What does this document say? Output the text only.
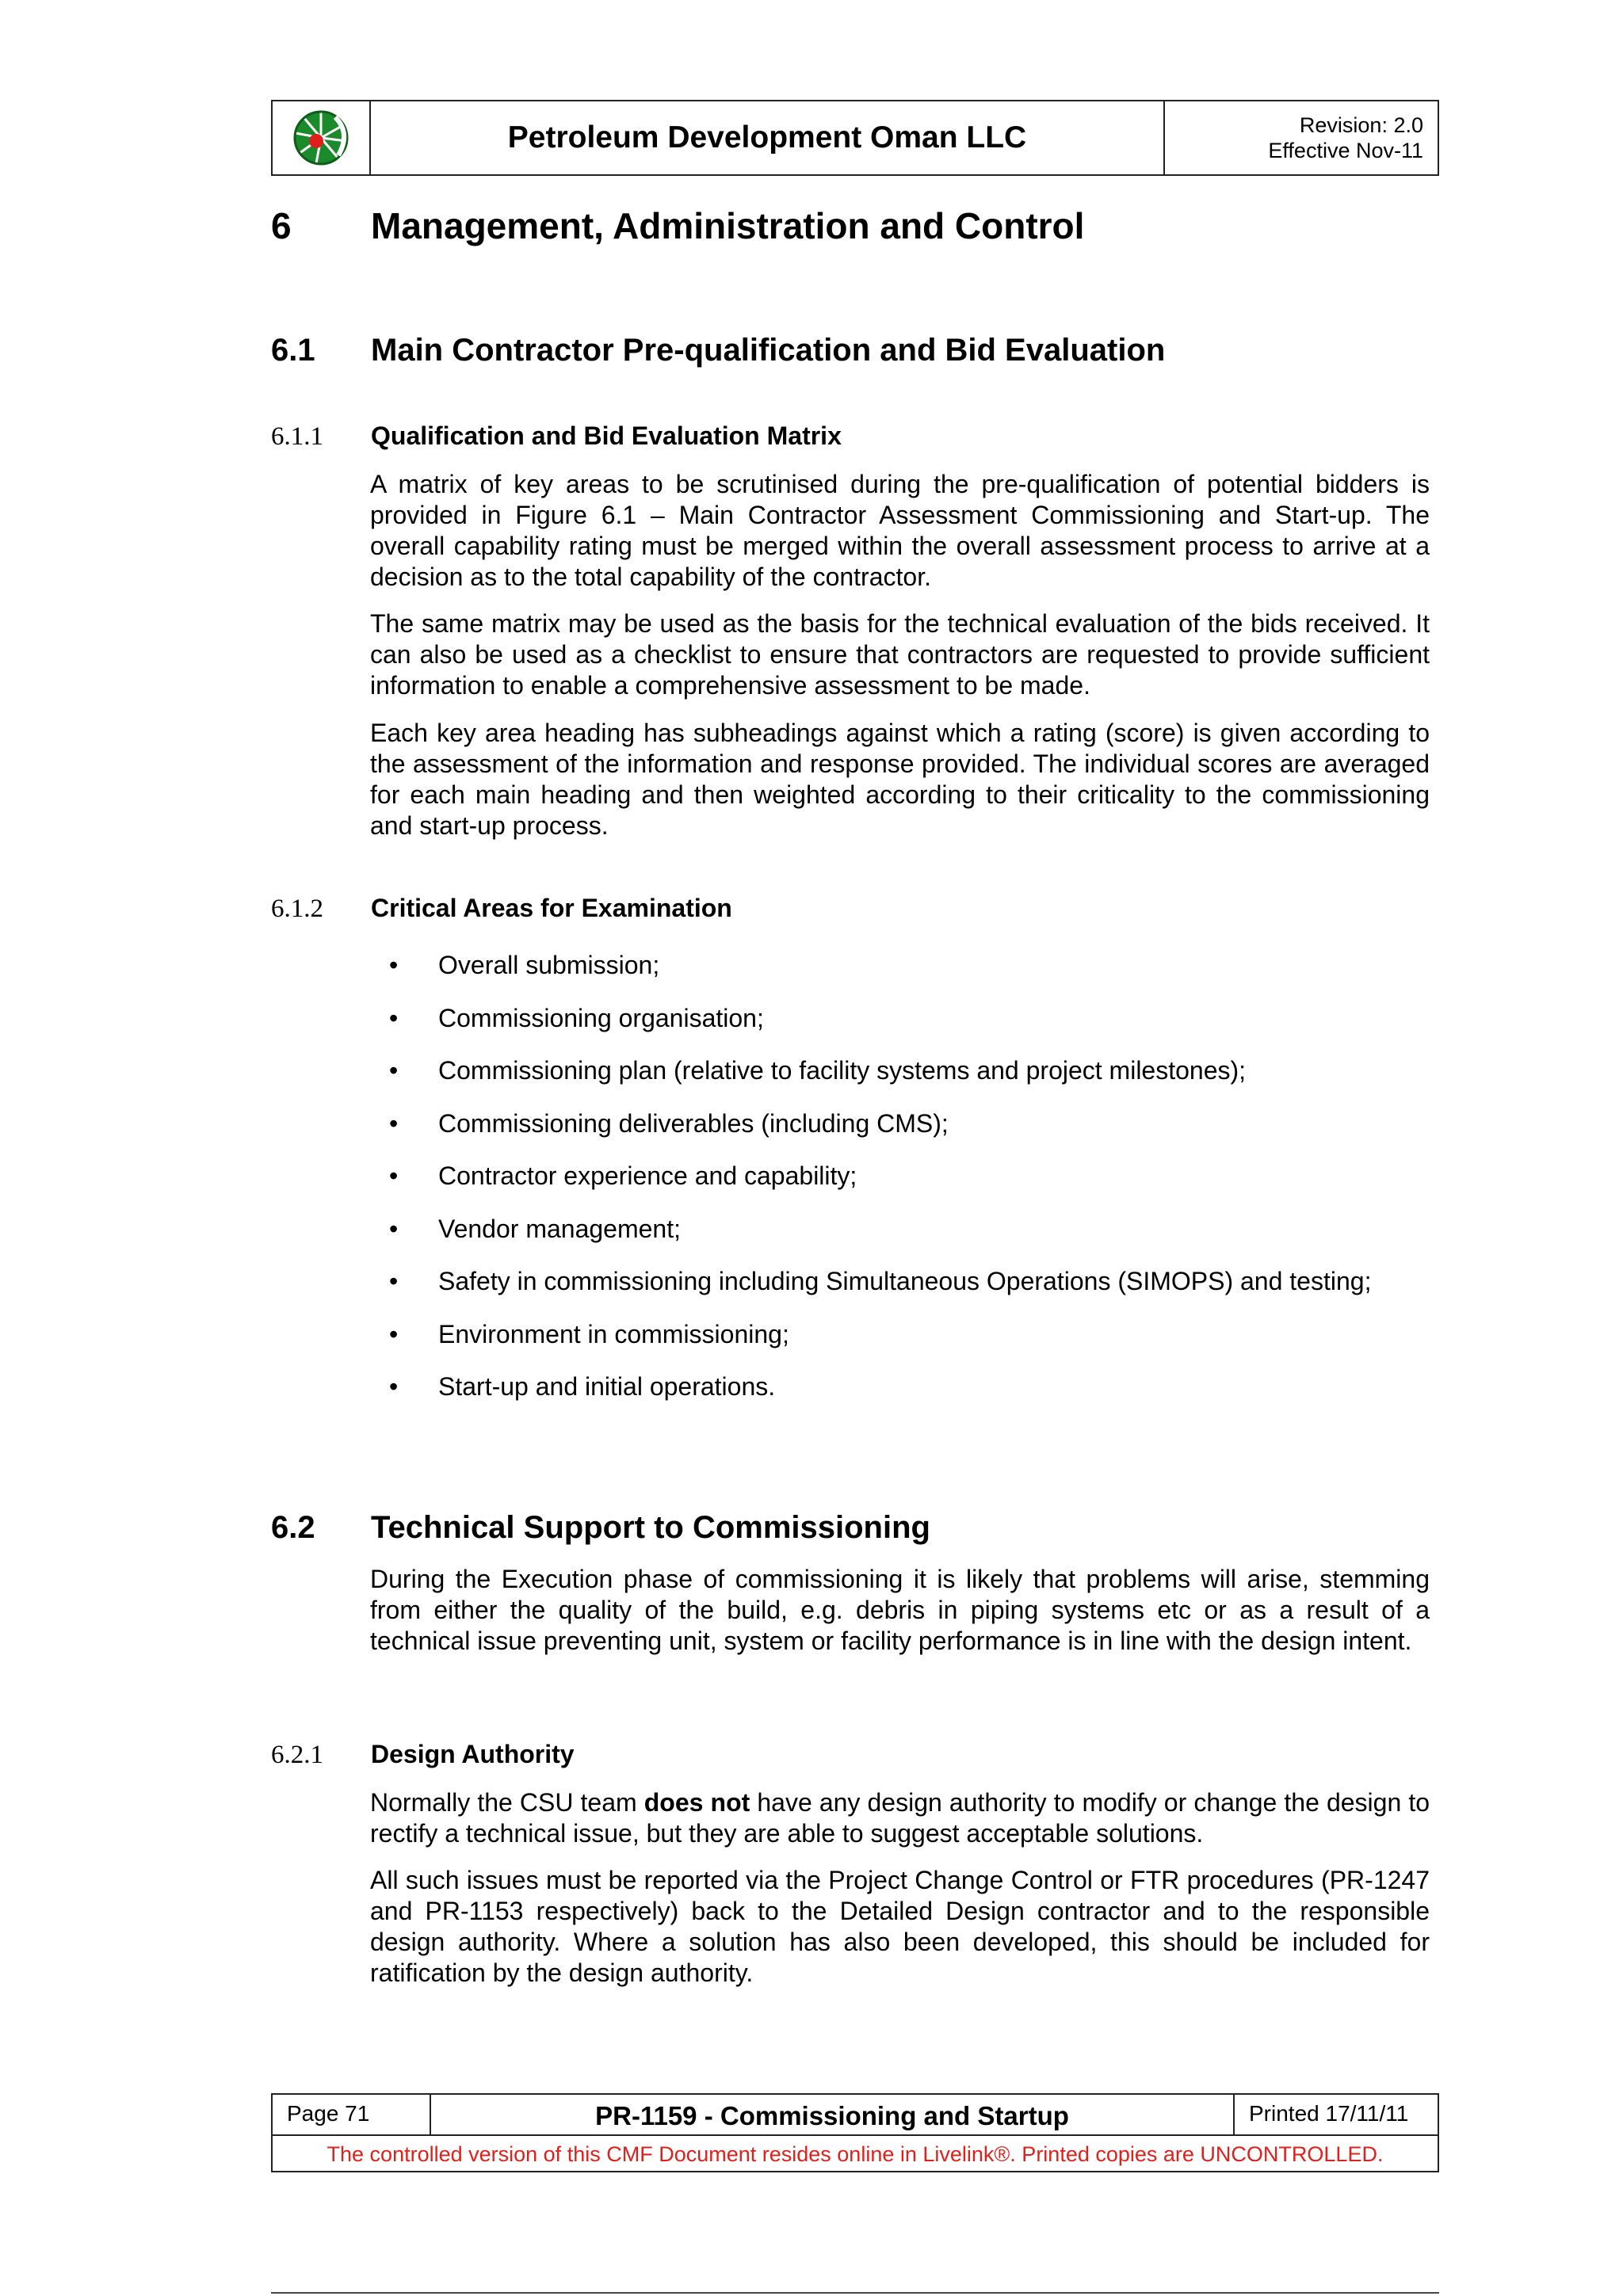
Petroleum Development Oman LLC	Revision: 2.0
Effective Nov-11
6 Management, Administration and Control
6.1 Main Contractor Pre-qualification and Bid Evaluation
6.1.1 Qualification and Bid Evaluation Matrix

A matrix of key areas to be scrutinised during the pre-qualification of potential bidders is provided in Figure 6.1 – Main Contractor Assessment Commissioning and Start-up. The overall capability rating must be merged within the overall assessment process to arrive at a decision as to the total capability of the contractor.

The same matrix may be used as the basis for the technical evaluation of the bids received. It can also be used as a checklist to ensure that contractors are requested to provide sufficient information to enable a comprehensive assessment to be made.

Each key area heading has subheadings against which a rating (score) is given according to the assessment of the information and response provided. The individual scores are averaged for each main heading and then weighted according to their criticality to the commissioning and start-up process.

6.1.2 Critical Areas for Examination
• Overall submission;
• Commissioning organisation;
• Commissioning plan (relative to facility systems and project milestones);
• Commissioning deliverables (including CMS);
• Contractor experience and capability;
• Vendor management;
• Safety in commissioning including Simultaneous Operations (SIMOPS) and testing;
• Environment in commissioning;
• Start-up and initial operations.
6.2 Technical Support to Commissioning

During the Execution phase of commissioning it is likely that problems will arise, stemming from either the quality of the build, e.g. debris in piping systems etc or as a result of a technical issue preventing unit, system or facility performance is in line with the design intent.

6.2.1 Design Authority

Normally the CSU team does not have any design authority to modify or change the design to rectify a technical issue, but they are able to suggest acceptable solutions.

All such issues must be reported via the Project Change Control or FTR procedures (PR-1247 and PR-1153 respectively) back to the Detailed Design contractor and to the responsible design authority. Where a solution has also been developed, this should be included for ratification by the design authority.

Page 71	PR-1159 - Commissioning and Startup	Printed 17/11/11
The controlled version of this CMF Document resides online in Livelink®. Printed copies are UNCONTROLLED.
